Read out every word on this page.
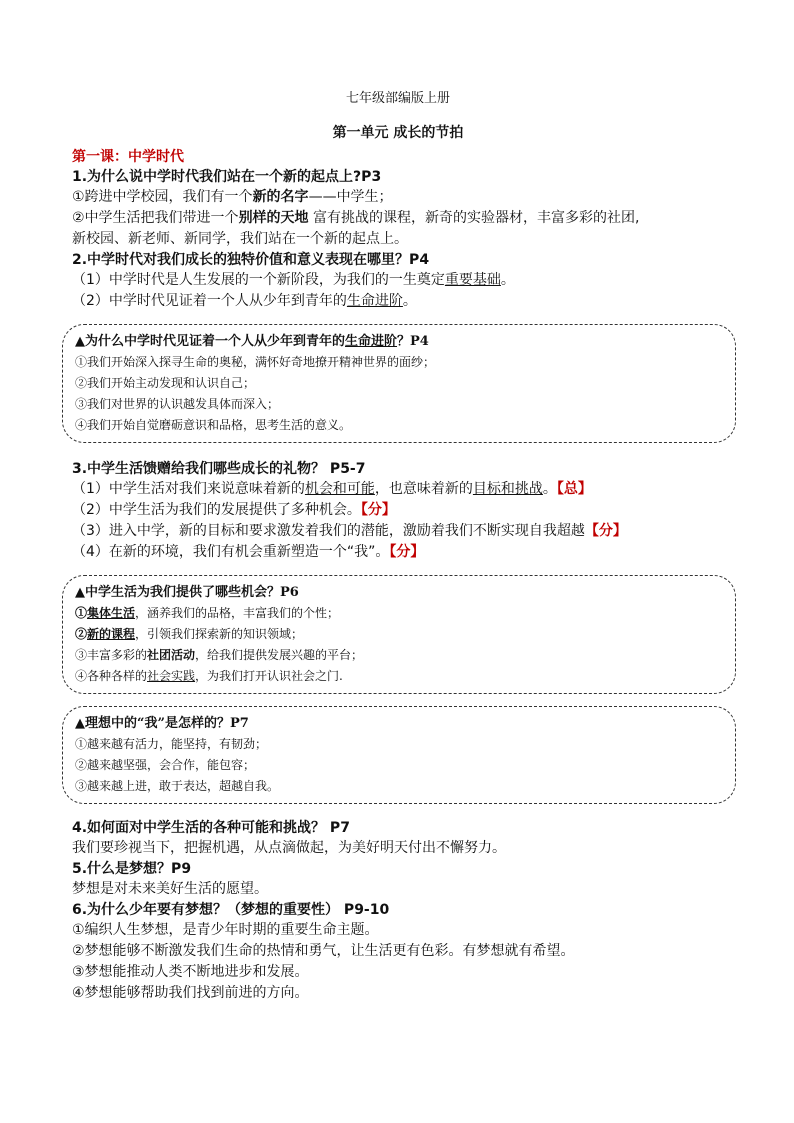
七年级部编版上册
第一单元 成长的节拍
第一课：中学时代
1.为什么说中学时代我们站在一个新的起点上?P3
①跨进中学校园，我们有一个新的名字——中学生；
②中学生活把我们带进一个别样的天地 富有挑战的课程，新奇的实验器材，丰富多彩的社团,
新校园、新老师、新同学，我们站在一个新的起点上。
2.中学时代对我们成长的独特价值和意义表现在哪里？P4
（1）中学时代是人生发展的一个新阶段，为我们的一生奠定重要基础。
（2）中学时代见证着一个人从少年到青年的生命进阶。
▲为什么中学时代见证着一个人从少年到青年的生命进阶？P4
①我们开始深入探寻生命的奥秘，满怀好奇地撩开精神世界的面纱；
②我们开始主动发现和认识自己；
③我们对世界的认识越发具体而深入；
④我们开始自觉磨砺意识和品格，思考生活的意义。
3.中学生活馈赠给我们哪些成长的礼物？ P5-7
（1）中学生活对我们来说意味着新的机会和可能，也意味着新的目标和挑战。【总】
（2）中学生活为我们的发展提供了多种机会。【分】
（3）进入中学，新的目标和要求激发着我们的潜能，激励着我们不断实现自我超越【分】
（4）在新的环境，我们有机会重新塑造一个“我”。【分】
▲中学生活为我们提供了哪些机会？P6
①集体生活，涵养我们的品格，丰富我们的个性；
②新的课程，引领我们探索新的知识领域；
③丰富多彩的社团活动，给我们提供发展兴趣的平台；
④各种各样的社会实践，为我们打开认识社会之门.
▲理想中的“我”是怎样的？P7
①越来越有活力，能坚持，有韧劲；
②越来越坚强，会合作，能包容；
③越来越上进，敢于表达，超越自我。
4.如何面对中学生活的各种可能和挑战？ P7
我们要珍视当下，把握机遇，从点滴做起，为美好明天付出不懈努力。
5.什么是梦想？P9
梦想是对未来美好生活的愿望。
6.为什么少年要有梦想？（梦想的重要性） P9-10
①编织人生梦想，是青少年时期的重要生命主题。
②梦想能够不断激发我们生命的热情和勇气，让生活更有色彩。有梦想就有希望。
③梦想能推动人类不断地进步和发展。
④梦想能够帮助我们找到前进的方向。
